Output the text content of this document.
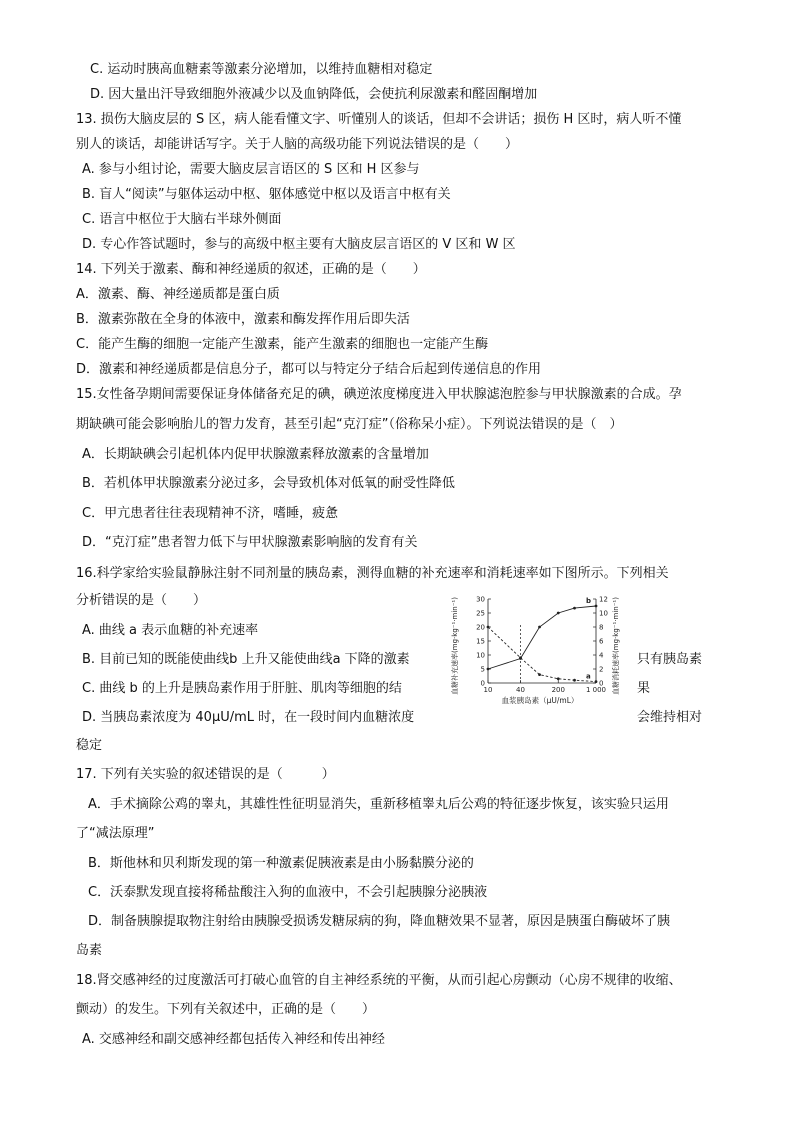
C. 运动时胰高血糖素等激素分泌增加，以维持血糖相对稳定
D. 因大量出汗导致细胞外液减少以及血钠降低，会使抗利尿激素和醛固酮增加
13. 损伤大脑皮层的 S 区，病人能看懂文字、听懂别人的谈话，但却不会讲话；损伤 H 区时，病人听不懂
别人的谈话，却能讲话写字。关于人脑的高级功能下列说法错误的是（　　）
A. 参与小组讨论，需要大脑皮层言语区的 S 区和 H 区参与
B. 盲人“阅读”与躯体运动中枢、躯体感觉中枢以及语言中枢有关
C. 语言中枢位于大脑右半球外侧面
D. 专心作答试题时，参与的高级中枢主要有大脑皮层言语区的 V 区和 W 区
14. 下列关于激素、酶和神经递质的叙述，正确的是（　　）
A．激素、酶、神经递质都是蛋白质
B．激素弥散在全身的体液中，激素和酶发挥作用后即失活
C．能产生酶的细胞一定能产生激素，能产生激素的细胞也一定能产生酶
D．激素和神经递质都是信息分子，都可以与特定分子结合后起到传递信息的作用
15.女性备孕期间需要保证身体储备充足的碘，碘逆浓度梯度进入甲状腺滤泡腔参与甲状腺激素的合成。孕
期缺碘可能会影响胎儿的智力发育，甚至引起“克汀症”（俗称呆小症）。下列说法错误的是（　）
A．长期缺碘会引起机体内促甲状腺激素释放激素的含量增加
B．若机体甲状腺激素分泌过多，会导致机体对低氧的耐受性降低
C．甲亢患者往往表现精神不济，嗜睡，疲惫
D．“克汀症”患者智力低下与甲状腺激素影响脑的发育有关
16.科学家给实验鼠静脉注射不同剂量的胰岛素，测得血糖的补充速率和消耗速率如下图所示。下列相关
分析错误的是（　　）
A. 曲线 a 表示血糖的补充速率
B. 目前已知的既能使曲线b 上升又能使曲线a 下降的激素	只有胰岛素
C. 曲线 b 的上升是胰岛素作用于肝脏、肌肉等细胞的结	果
D. 当胰岛素浓度为 40μU/mL 时，在一段时间内血糖浓度	会维持相对
稳定
17. 下列有关实验的叙述错误的是（　　　）
A．手术摘除公鸡的睾丸，其雄性性征明显消失，重新移植睾丸后公鸡的特征逐步恢复，该实验只运用
了“减法原理”
B．斯他林和贝利斯发现的第一种激素促胰液素是由小肠黏膜分泌的
C．沃泰默发现直接将稀盐酸注入狗的血液中，不会引起胰腺分泌胰液
D．制备胰腺提取物注射给由胰腺受损诱发糖尿病的狗，降血糖效果不显著，原因是胰蛋白酶破坏了胰
岛素
18.肾交感神经的过度激活可打破心血管的自主神经系统的平衡，从而引起心房颤动（心房不规律的收缩、
颤动）的发生。下列有关叙述中，正确的是（　　）
A. 交感神经和副交感神经都包括传入神经和传出神经
0
5
10
15
20
25
30
0
2
4
6
8
10
12
10	40	200	1 000
a
b
血糖补充速率(mg·kg⁻¹·min⁻¹)	血糖消耗速率(mg·kg⁻¹·min⁻¹)
血浆胰岛素（μU/mL）
